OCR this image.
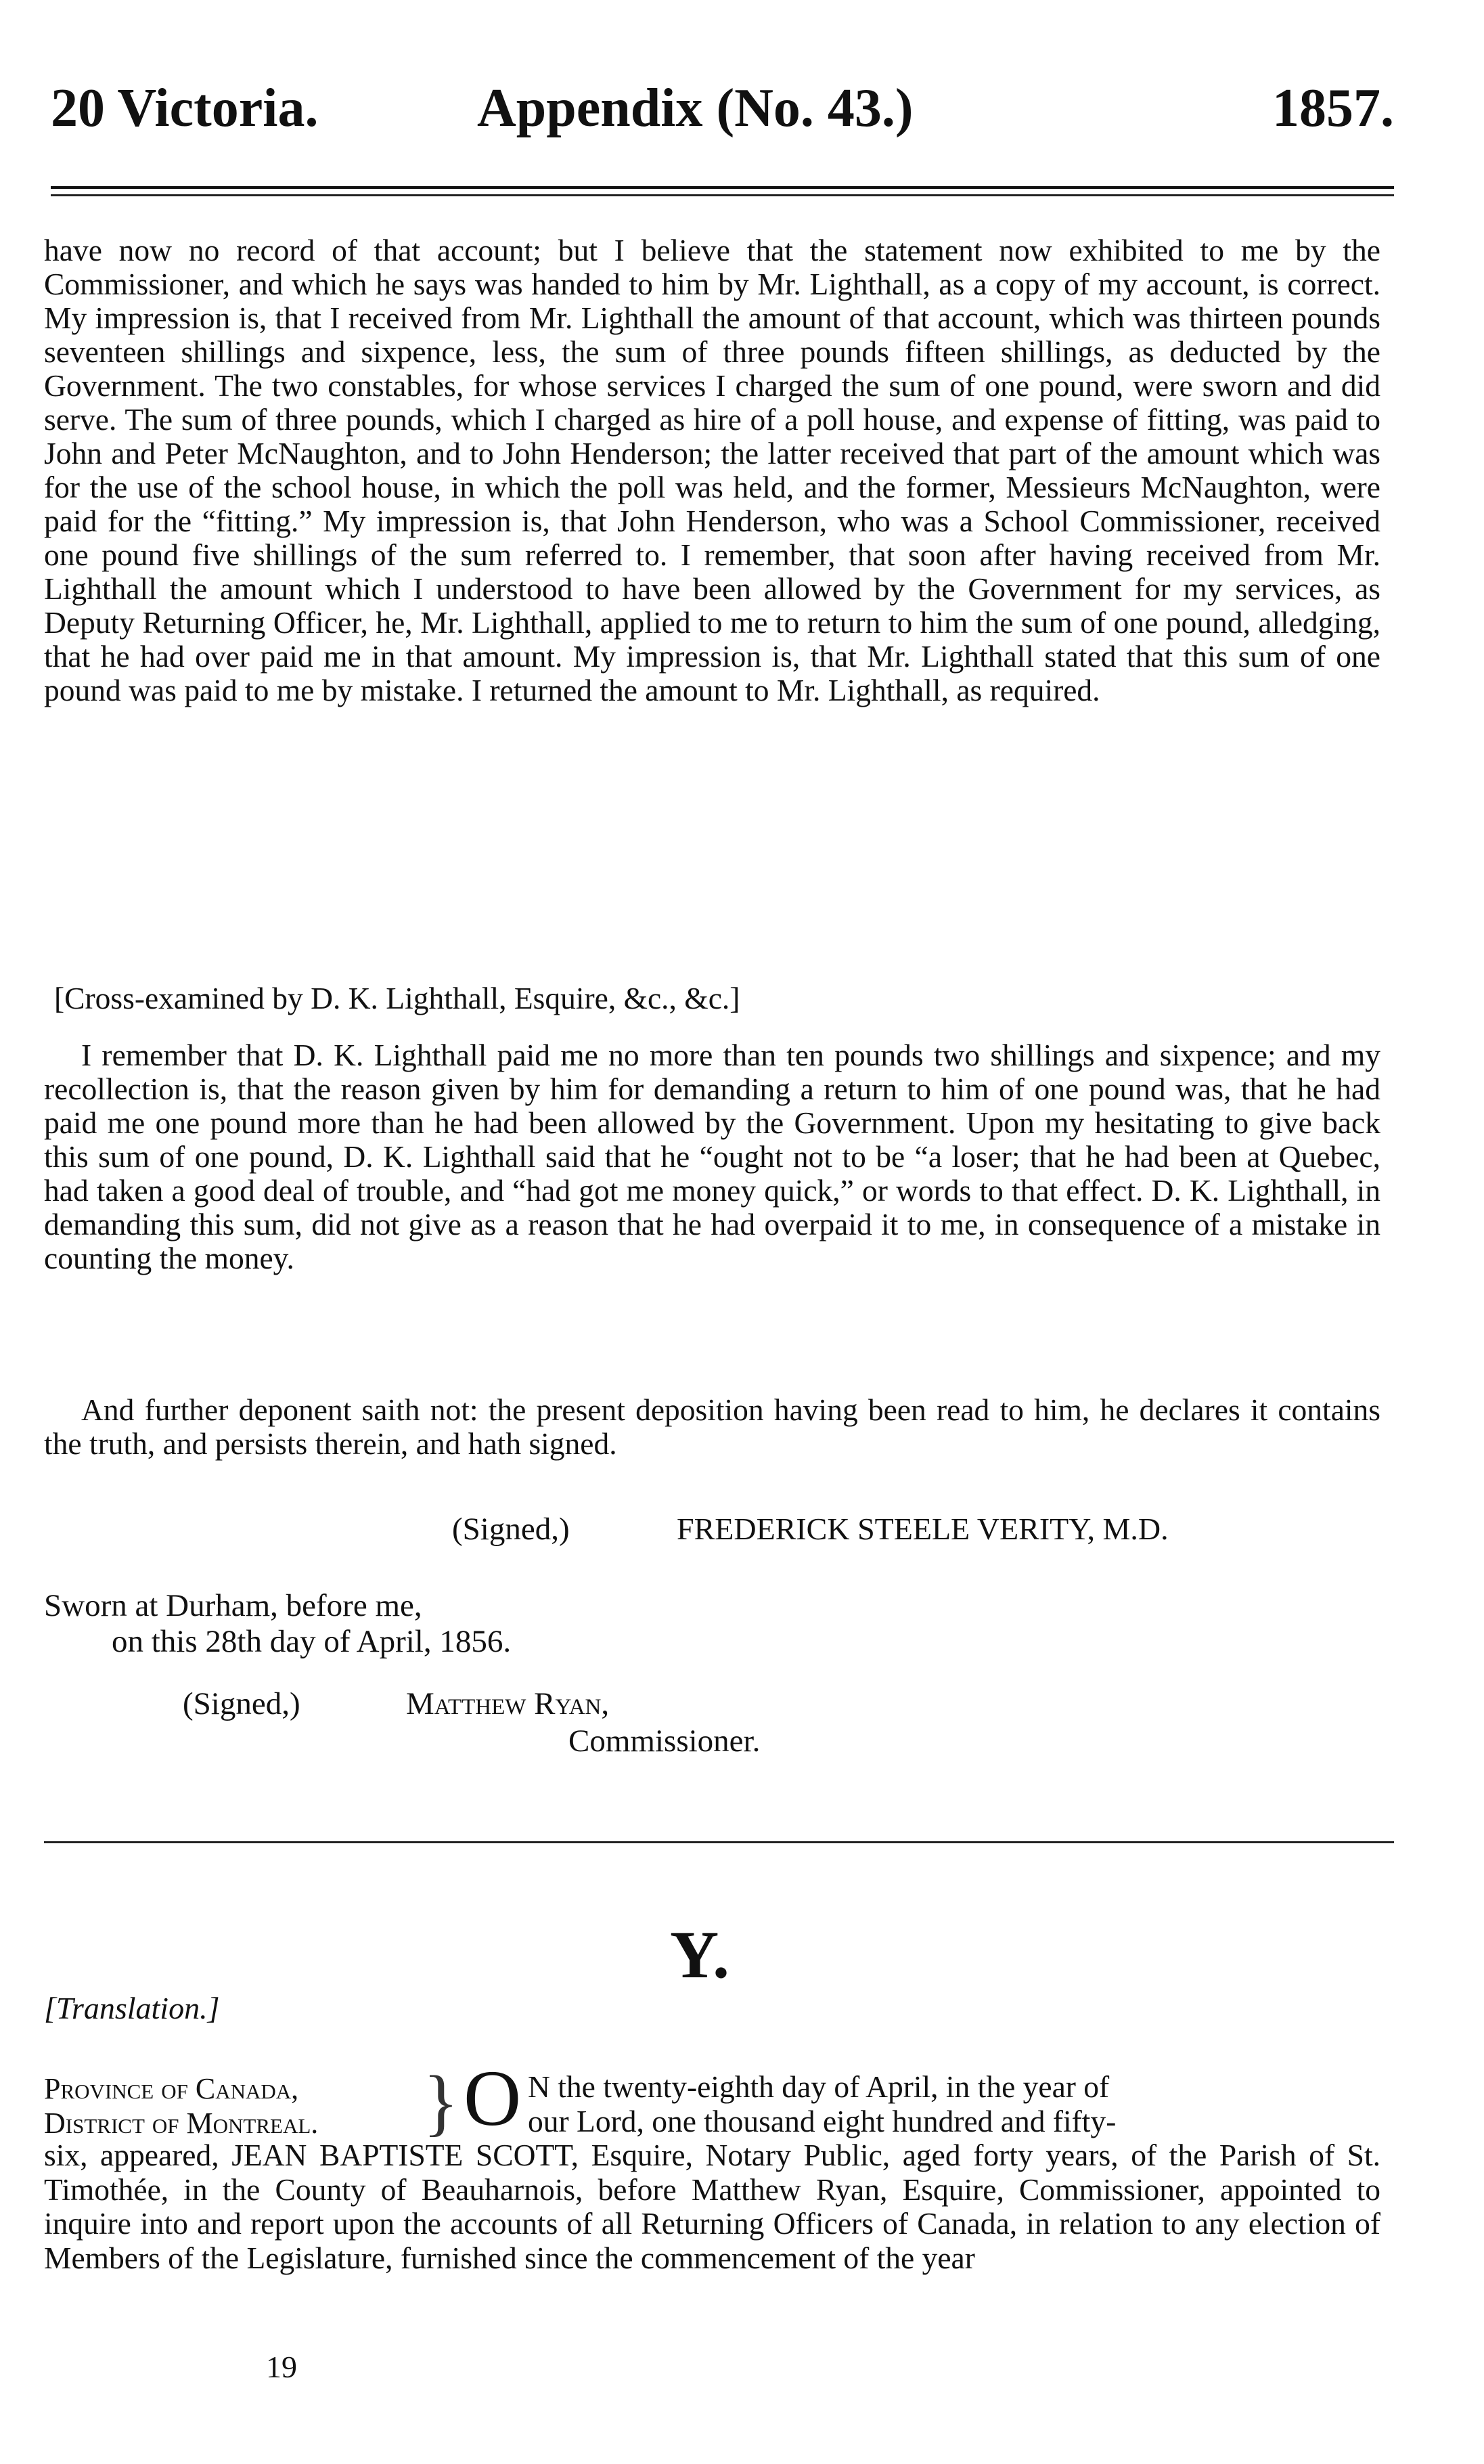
20 Victoria.	Appendix (No. 43.)	1857.

have now no record of that account; but I believe that the statement now exhibited to me by the Commissioner, and which he says was handed to him by Mr. Lighthall, as a copy of my account, is correct. My impression is, that I received from Mr. Lighthall the amount of that account, which was thirteen pounds seventeen shillings and sixpence, less, the sum of three pounds fifteen shillings, as deducted by the Government. The two constables, for whose services I charged the sum of one pound, were sworn and did serve. The sum of three pounds, which I charged as hire of a poll house, and expense of fitting, was paid to John and Peter McNaughton, and to John Henderson; the latter received that part of the amount which was for the use of the school house, in which the poll was held, and the former, Messieurs McNaughton, were paid for the “fitting.” My impression is, that John Henderson, who was a School Commissioner, received one pound five shillings of the sum referred to. I remember, that soon after having received from Mr. Lighthall the amount which I understood to have been allowed by the Government for my services, as Deputy Returning Officer, he, Mr. Lighthall, applied to me to return to him the sum of one pound, alledging, that he had over paid me in that amount. My impression is, that Mr. Lighthall stated that this sum of one pound was paid to me by mistake. I returned the amount to Mr. Lighthall, as required.

[Cross-examined by D. K. Lighthall, Esquire, &c., &c.]

I remember that D. K. Lighthall paid me no more than ten pounds two shillings and sixpence; and my recollection is, that the reason given by him for demanding a return to him of one pound was, that he had paid me one pound more than he had been allowed by the Government. Upon my hesitating to give back this sum of one pound, D. K. Lighthall said that he “ought not to be “a loser; that he had been at Quebec, had taken a good deal of trouble, and “had got me money quick,” or words to that effect. D. K. Lighthall, in demanding this sum, did not give as a reason that he had overpaid it to me, in consequence of a mistake in counting the money.

And further deponent saith not: the present deposition having been read to him, he declares it contains the truth, and persists therein, and hath signed.

(Signed,)	FREDERICK STEELE VERITY, M.D.
Sworn at Durham, before me,
on this 28th day of April, 1856.
(Signed,)	Matthew Ryan,
Commissioner.
Y.
[Translation.]
N the twenty-eighth day of April, in the year of
our Lord, one thousand eight hundred and fifty-
six, appeared, JEAN BAPTISTE SCOTT, Esquire, Notary Public, aged forty years, of the Parish of St. Timothée, in the County of Beauharnois, before Matthew Ryan, Esquire, Commissioner, appointed to inquire into and report upon the accounts of all Returning Officers of Canada, in relation to any election of Members of the Legislature, furnished since the commencement of the year
Province of Canada,
District of Montreal.	} O
19
